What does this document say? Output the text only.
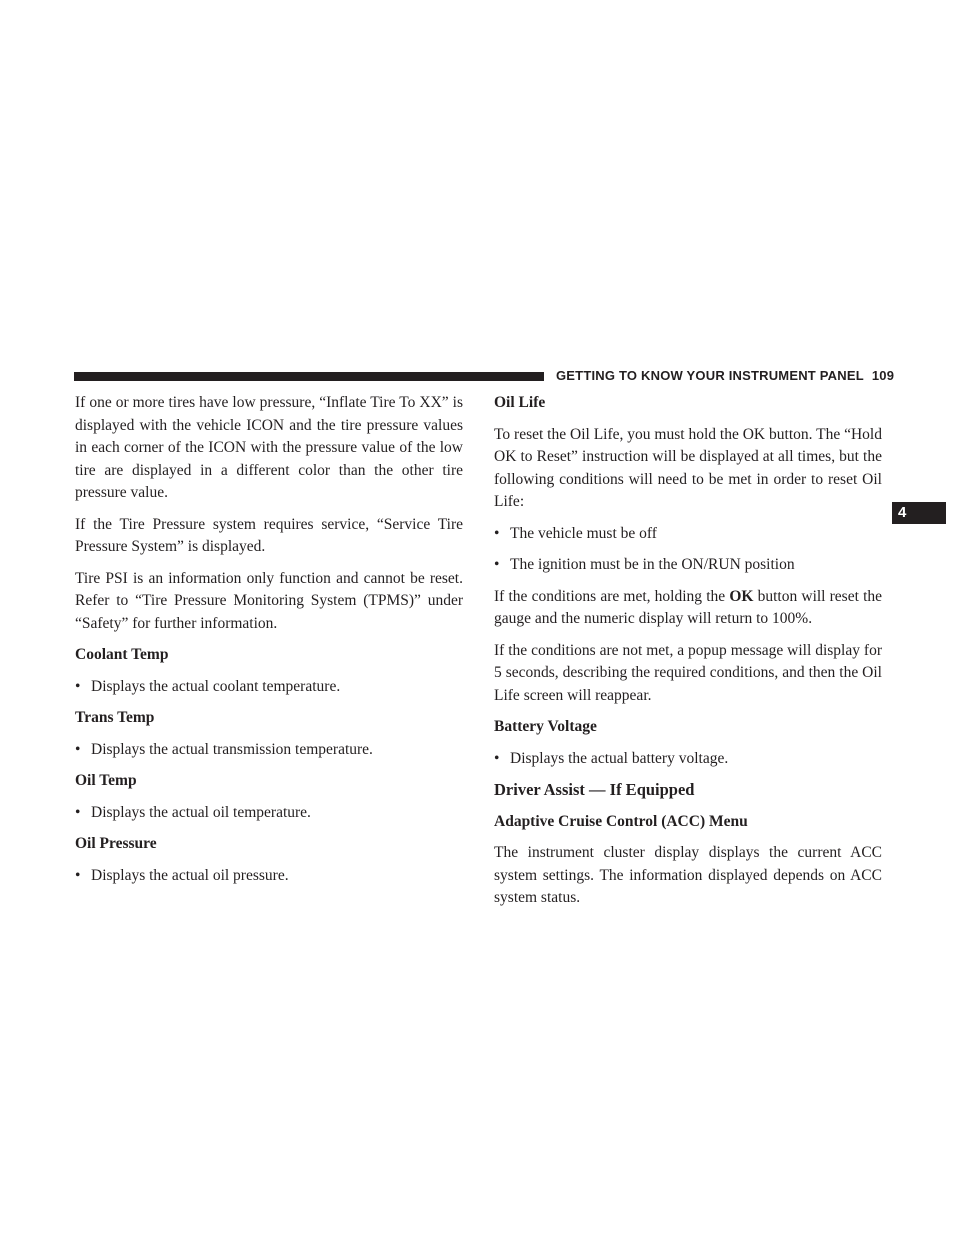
GETTING TO KNOW YOUR INSTRUMENT PANEL 109
4

If one or more tires have low pressure, “Inflate Tire To XX” is displayed with the vehicle ICON and the tire pressure values in each corner of the ICON with the pressure value of the low tire are displayed in a different color than the other tire pressure value.

If the Tire Pressure system requires service, “Service Tire Pressure System” is displayed.

Tire PSI is an information only function and cannot be reset. Refer to “Tire Pressure Monitoring System (TPMS)” under “Safety” for further information.

Coolant Temp
• Displays the actual coolant temperature.
Trans Temp
• Displays the actual transmission temperature.
Oil Temp
• Displays the actual oil temperature.
Oil Pressure
• Displays the actual oil pressure.
Oil Life

To reset the Oil Life, you must hold the OK button. The “Hold OK to Reset” instruction will be displayed at all times, but the following conditions will need to be met in order to reset Oil Life:

• The vehicle must be off
• The ignition must be in the ON/RUN position

If the conditions are met, holding the OK button will reset the gauge and the numeric display will return to 100%.

If the conditions are not met, a popup message will display for 5 seconds, describing the required conditions, and then the Oil Life screen will reappear.

Battery Voltage
• Displays the actual battery voltage.
Driver Assist — If Equipped
Adaptive Cruise Control (ACC) Menu

The instrument cluster display displays the current ACC system settings. The information displayed depends on ACC system status.
